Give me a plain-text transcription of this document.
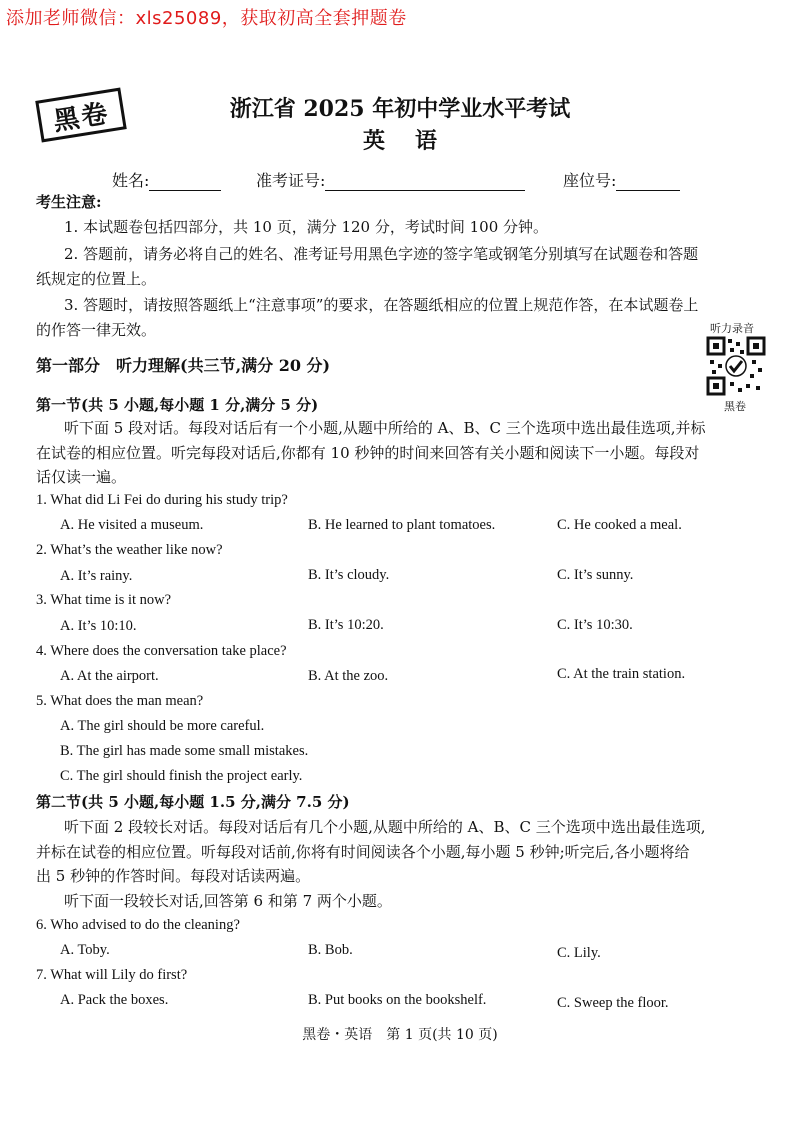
添加老师微信：xls25089，获取初高全套押题卷
黑卷	浙江省 2025 年初中学业水平考试
英语
姓名:	准考证号:	座位号:
考生注意:
1. 本试题卷包括四部分，共 10 页，满分 120 分，考试时间 100 分钟。
2. 答题前，请务必将自己的姓名、准考证号用黑色字迹的签字笔或钢笔分别填写在试题卷和答题
纸规定的位置上。
3. 答题时，请按照答题纸上“注意事项”的要求，在答题纸相应的位置上规范作答，在本试题卷上
的作答一律无效。	听力录音
黑卷
第一部分　听力理解(共三节,满分 20 分)
第一节(共 5 小题,每小题 1 分,满分 5 分)
听下面 5 段对话。每段对话后有一个小题,从题中所给的 A、B、C 三个选项中选出最佳选项,并标
在试卷的相应位置。听完每段对话后,你都有 10 秒钟的时间来回答有关小题和阅读下一小题。每段对
话仅读一遍。
1. What did Li Fei do during his study trip?
A. He visited a museum.	B. He learned to plant tomatoes.	C. He cooked a meal.
2. What’s the weather like now?
A. It’s rainy.	B. It’s cloudy.	C. It’s sunny.
3. What time is it now?
A. It’s 10:10.	B. It’s 10:20.	C. It’s 10:30.
4. Where does the conversation take place?
A. At the airport.	B. At the zoo.	C. At the train station.
5. What does the man mean?
A. The girl should be more careful.
B. The girl has made some small mistakes.
C. The girl should finish the project early.
第二节(共 5 小题,每小题 1.5 分,满分 7.5 分)
听下面 2 段较长对话。每段对话后有几个小题,从题中所给的 A、B、C 三个选项中选出最佳选项,
并标在试卷的相应位置。听每段对话前,你将有时间阅读各个小题,每小题 5 秒钟;听完后,各小题将给
出 5 秒钟的作答时间。每段对话读两遍。
听下面一段较长对话,回答第 6 和第 7 两个小题。
6. Who advised to do the cleaning?
A. Toby.	B. Bob.	C. Lily.
7. What will Lily do first?
A. Pack the boxes.	B. Put books on the bookshelf.	C. Sweep the floor.
黑卷・英语　第 1 页(共 10 页)
